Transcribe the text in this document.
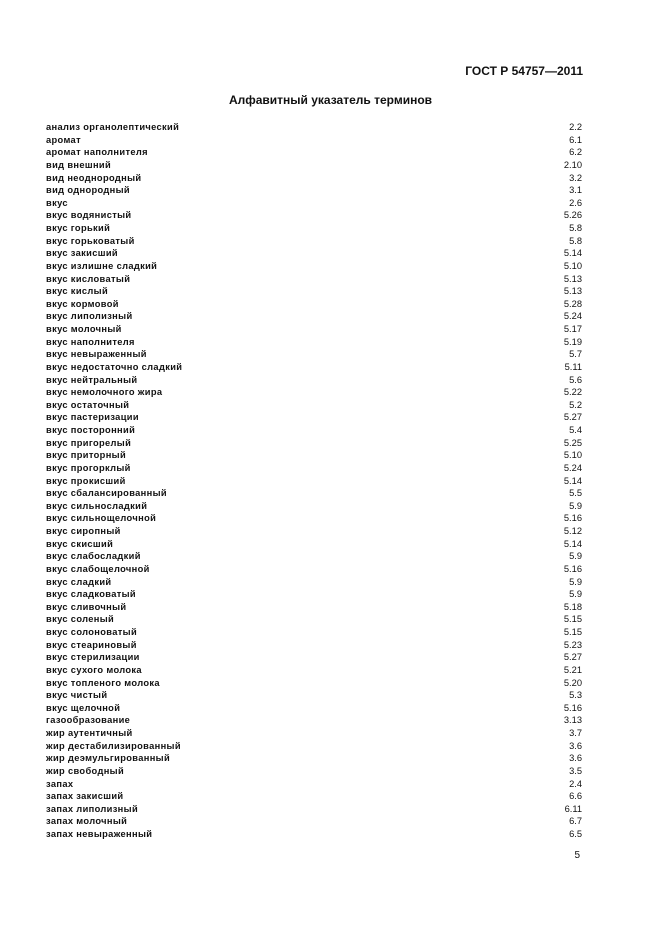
ГОСТ Р 54757—2011

Алфавитный указатель терминов
анализ органолептический	2.2
аромат	6.1
аромат наполнителя	6.2
вид внешний	2.10
вид неоднородный	3.2
вид однородный	3.1
вкус	2.6
вкус водянистый	5.26
вкус горький	5.8
вкус горьковатый	5.8
вкус закисший	5.14
вкус излишне сладкий	5.10
вкус кисловатый	5.13
вкус кислый	5.13
вкус кормовой	5.28
вкус липолизный	5.24
вкус молочный	5.17
вкус наполнителя	5.19
вкус невыраженный	5.7
вкус недостаточно сладкий	5.11
вкус нейтральный	5.6
вкус немолочного жира	5.22
вкус остаточный	5.2
вкус пастеризации	5.27
вкус посторонний	5.4
вкус пригорелый	5.25
вкус приторный	5.10
вкус прогорклый	5.24
вкус прокисший	5.14
вкус сбалансированный	5.5
вкус сильносладкий	5.9
вкус сильнощелочной	5.16
вкус сиропный	5.12
вкус скисший	5.14
вкус слабосладкий	5.9
вкус слабощелочной	5.16
вкус сладкий	5.9
вкус сладковатый	5.9
вкус сливочный	5.18
вкус соленый	5.15
вкус солоноватый	5.15
вкус стеариновый	5.23
вкус стерилизации	5.27
вкус сухого молока	5.21
вкус топленого молока	5.20
вкус чистый	5.3
вкус щелочной	5.16
газообразование	3.13
жир аутентичный	3.7
жир дестабилизированный	3.6
жир деэмульгированный	3.6
жир свободный	3.5
запах	2.4
запах закисший	6.6
запах липолизный	6.11
запах молочный	6.7
запах невыраженный	6.5

5
